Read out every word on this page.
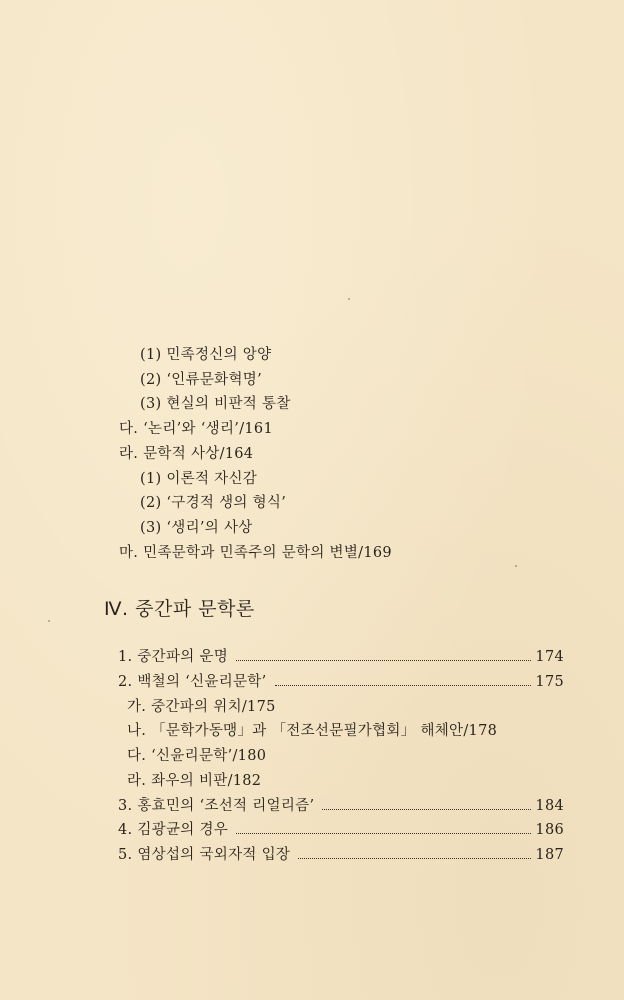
(1) 민족정신의 앙양
(2) ‘인류문화혁명’
(3) 현실의 비판적 통찰
다. ‘논리’와 ‘생리’/161
라. 문학적 사상/164
(1) 이론적 자신감
(2) ‘구경적 생의 형식’
(3) ‘생리’의 사상
마. 민족문학과 민족주의 문학의 변별/169
Ⅳ. 중간파 문학론
1. 중간파의 운명	174
2. 백철의 ‘신윤리문학’	175
가. 중간파의 위치/175
나. 「문학가동맹」과 「전조선문필가협회」 해체안/178
다. ‘신윤리문학’/180
라. 좌우의 비판/182
3. 홍효민의 ‘조선적 리얼리즘’	184
4. 김광균의 경우	186
5. 염상섭의 국외자적 입장	187
